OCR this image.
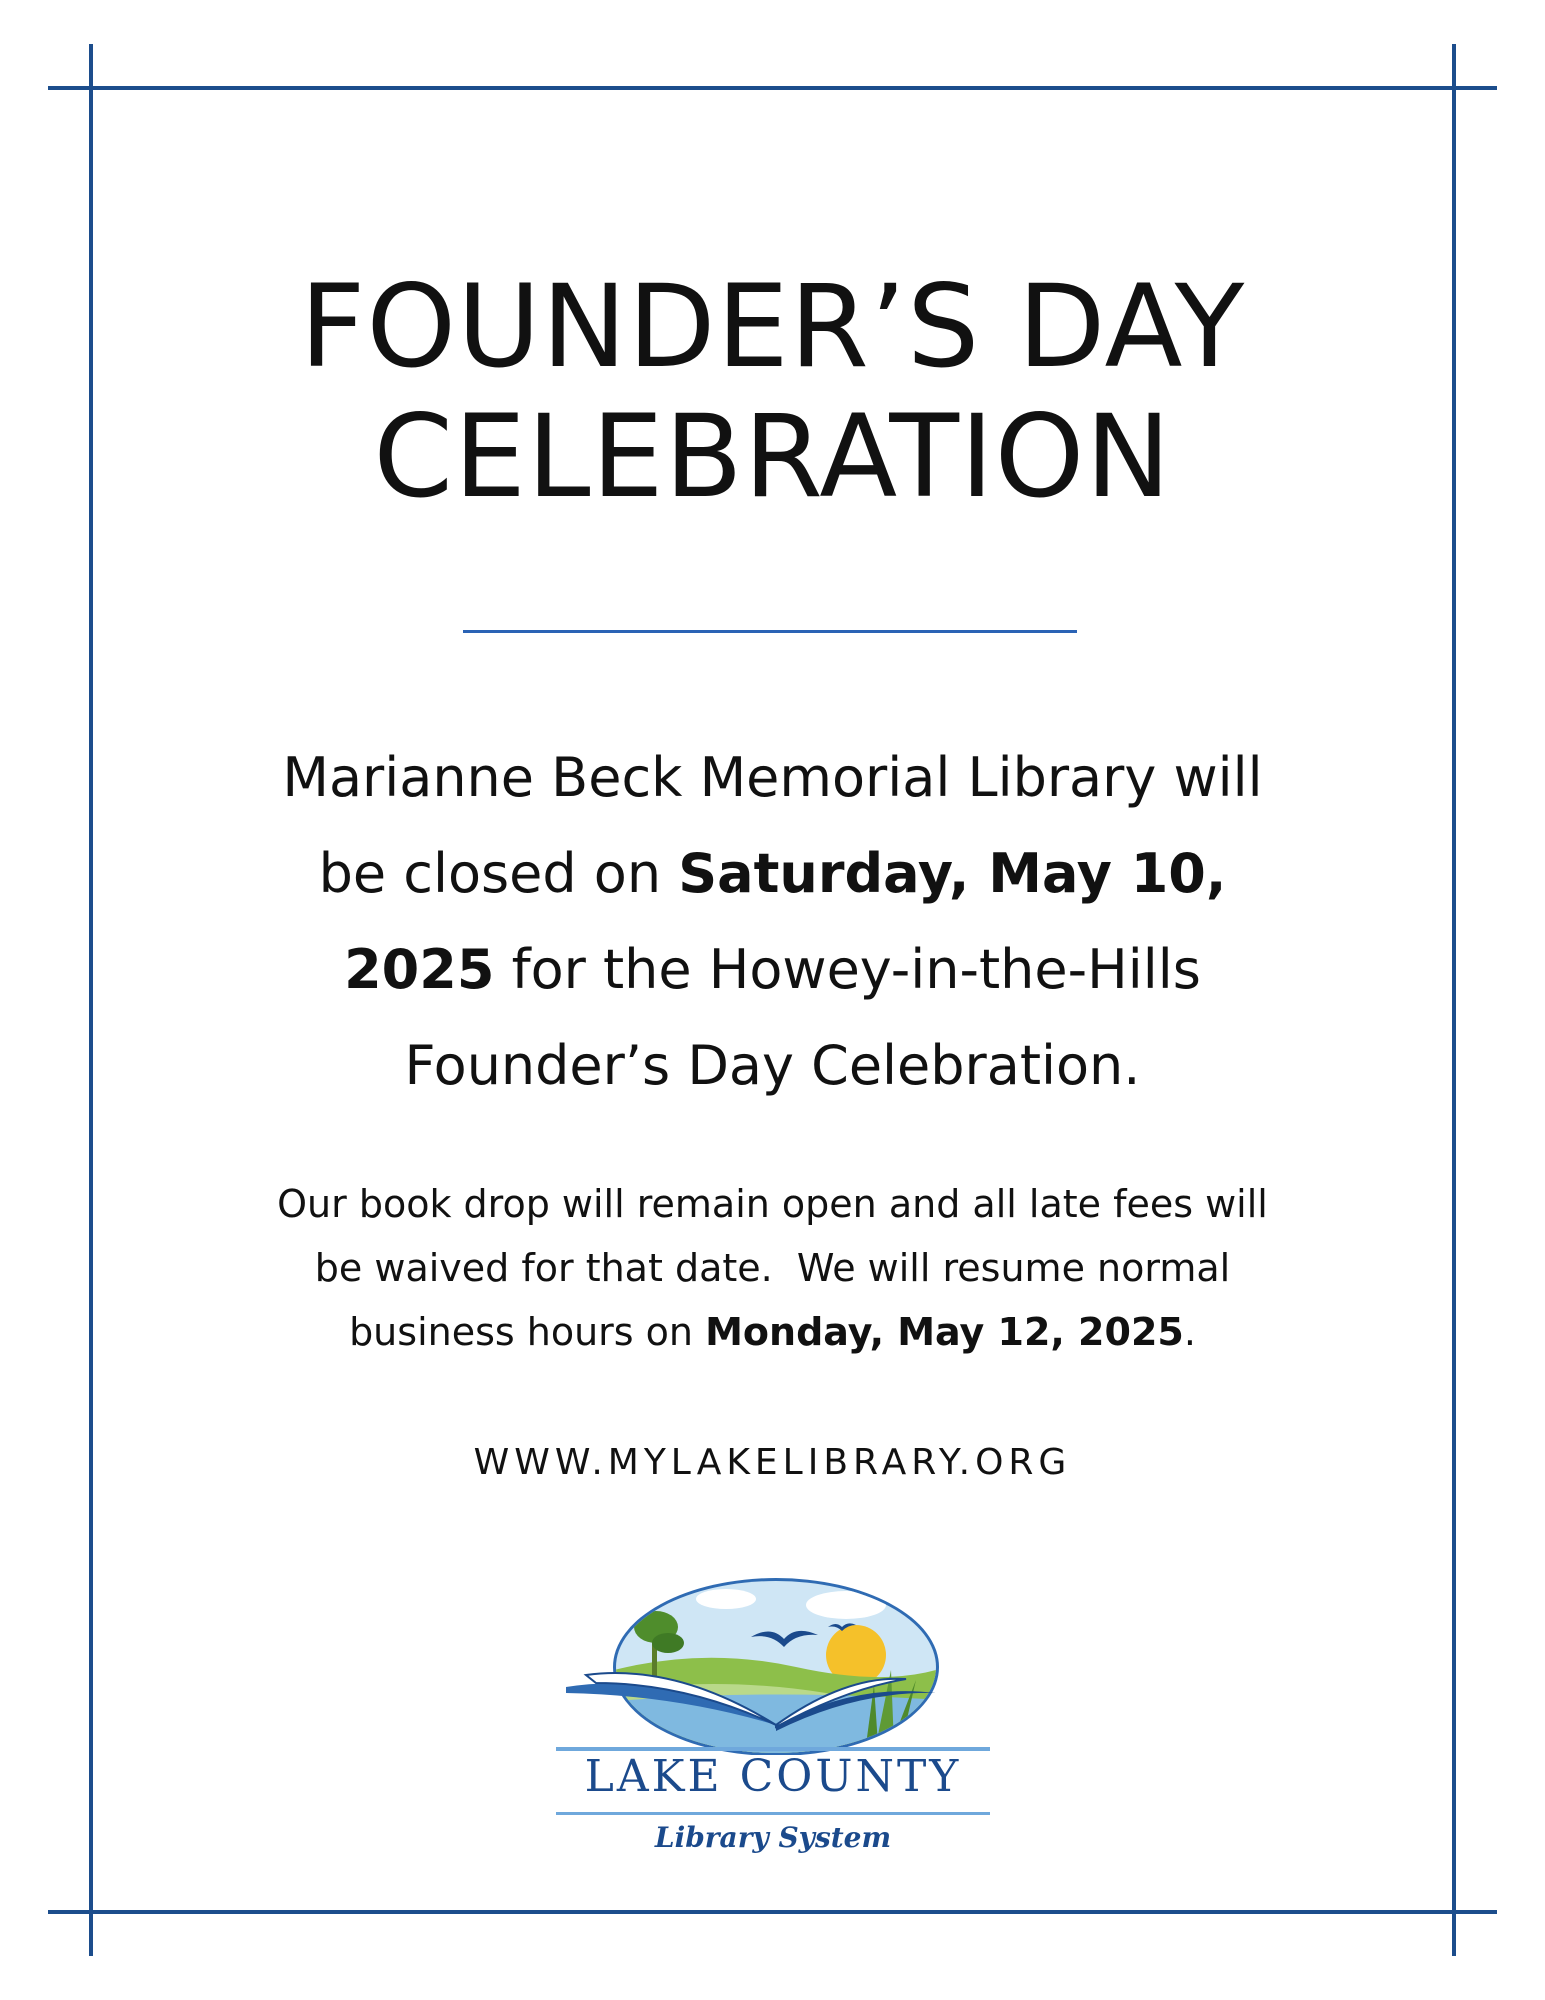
FOUNDER’S DAY
CELEBRATION
Marianne Beck Memorial Library will
be closed on Saturday, May 10,
2025 for the Howey-in-the-Hills
Founder’s Day Celebration.
Our book drop will remain open and all late fees will
be waived for that date.  We will resume normal
business hours on Monday, May 12, 2025.
WWW.MYLAKELIBRARY.ORG
LAKE COUNTY
Library System
